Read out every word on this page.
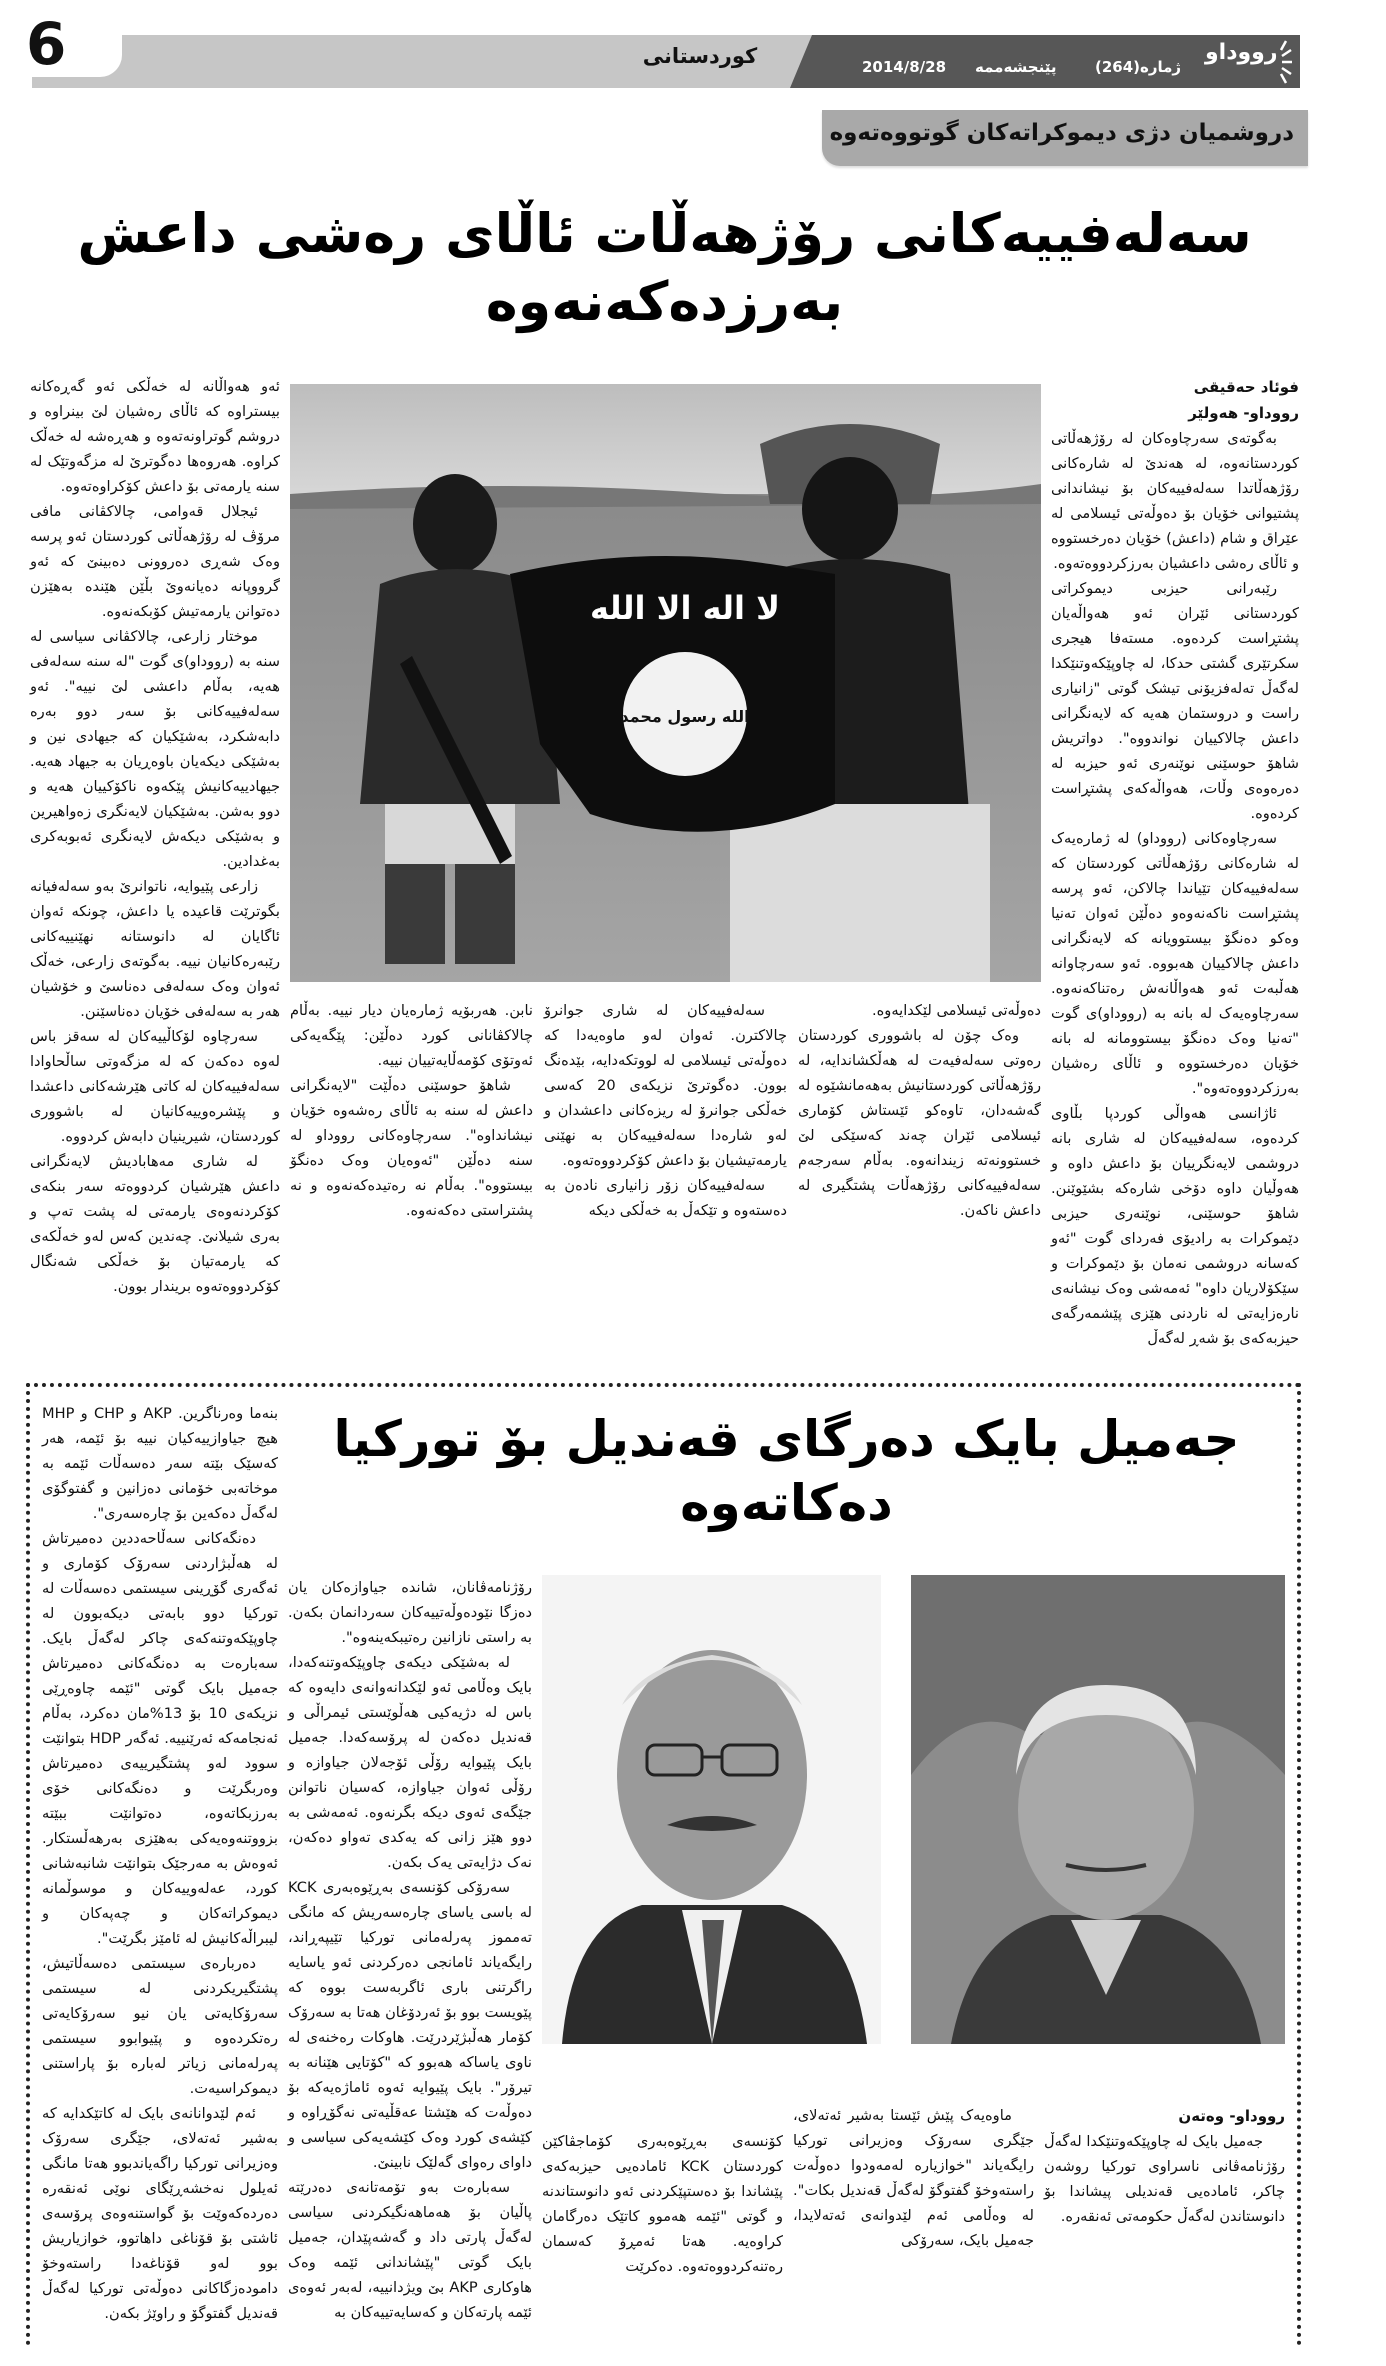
6	کوردستانی	2014/8/28 پێنجشەممە	ژمارە(264)
رووداو
دروشمیان دژی دیموکراتەکان گوتووەتەوە
سەلەفییەکانی رۆژهەڵات ئاڵای رەشی داعش بەرزدەکەنەوە
فوئاد حەقیقی
رووداو- هەولێر

بەگوتەی سەرچاوەکان لە رۆژهەڵاتی کوردستانەوە، لە هەندێ لە شارەکانی رۆژهەڵاتدا سەلەفییەکان بۆ نیشاندانی پشتیوانی خۆیان بۆ دەوڵەتی ئیسلامی لە عێراق و شام (داعش) خۆیان دەرخستووە و ئاڵای رەشی داعشیان بەرزکردووەتەوە.

رێبەرانی حیزبی دیموکراتی کوردستانی ئێران ئەو هەواڵەیان پشتڕاست کردەوە. مستەفا هیجری سکرتێری گشتی حدکا، لە چاوپێکەوتنێکدا لەگەڵ تەلەفزیۆنی تیشک گوتی "زانیاری راست و دروستمان هەیە کە لایەنگرانی داعش چالاکییان نواندووە". دواتریش شاهۆ حوسێنی نوێنەری ئەو حیزبە لە دەرەوەی وڵات، هەواڵەکەی پشتڕاست کردەوە.

سەرچاوەکانی (رووداو) لە ژمارەیەک لە شارەکانی رۆژهەڵاتی کوردستان کە سەلەفییەکان تێیاندا چالاکن، ئەو پرسە پشتڕاست ناکەنەوەو دەڵێن ئەوان تەنیا وەکو دەنگۆ بیستوویانە کە لایەنگرانی داعش چالاکییان هەبووە. ئەو سەرچاوانە هەڵبەت ئەو هەواڵانەش رەتناکەنەوە. سەرچاوەیەک لە بانە بە (رووداو)ی گوت "تەنیا وەک دەنگۆ بیستوومانە لە بانە خۆیان دەرخستووە و ئاڵای رەشیان بەرزکردووەتەوە".

ئاژانسی هەواڵی کوردپا بڵاوی کردەوە، سەلەفییەکان لە شاری بانە دروشمی لایەنگرییان بۆ داعش داوە و هەوڵیان داوە دۆخی شارەکە بشێوێنن. شاهۆ حوسێنی، نوێنەری حیزبی دێموکرات بە رادیۆی فەردای گوت "ئەو کەسانە دروشمی نەمان بۆ دێموکرات و سێکۆلاریان داوە" ئەمەشی وەک نیشانەی نارەزایەتی لە ناردنی هێزی پێشمەرگەی حیزبەکەی بۆ شەڕ لەگەڵ

لا اله الا الله
الله رسول محمد

دەوڵەتی ئیسلامی لێکدایەوە.

وەک چۆن لە باشووری کوردستان رەوتی سەلەفیەت لە هەڵکشاندایە، لە رۆژهەڵاتی کوردستانیش بەهەمانشێوە لە گەشەدان، تاوەکو ئێستاش کۆماری ئیسلامی ئێران چەند کەسێکی لێ خستوونەتە زیندانەوە. بەڵام سەرجەم سەلەفییەکانی رۆژهەڵات پشتگیری لە داعش ناکەن.

سەلەفییەکان لە شاری جوانرۆ چالاکترن. ئەوان لەو ماوەیەدا کە دەوڵەتی ئیسلامی لە لووتکەدایە، بێدەنگ بوون. دەگوترێ نزیکەی 20 کەسی خەڵکی جوانرۆ لە ریزەکانی داعشدان و لەو شارەدا سەلەفییەکان بە نهێنی یارمەتیشیان بۆ داعش کۆکردووەتەوە.

سەلەفییەکان زۆر زانیاری نادەن بە دەستەوە و تێکەڵ بە خەڵکی دیکە

نابن. هەربۆیە ژمارەیان دیار نییە. بەڵام چالاکڤانانی کورد دەڵێن: پێگەیەکی ئەوتۆی کۆمەڵایەتییان نییە.

شاهۆ حوسێنی دەڵێت "لایەنگرانی داعش لە سنە بە ئاڵای رەشەوە خۆیان نیشانداوە". سەرچاوەکانی رووداو لە سنە دەڵێن "ئەوەیان وەک دەنگۆ بیستووە". بەڵام نە رەتیدەکەنەوە و نە پشتراستی دەکەنەوە.

ئەو هەواڵانە لە خەڵکی ئەو گەڕەکانە بیستراوە کە ئاڵای رەشیان لێ بینراوە و دروشم گوتراونەتەوە و هەڕەشە لە خەڵک کراوە. هەروەها دەگوترێ لە مزگەوتێک لە سنە یارمەتی بۆ داعش کۆکراوەتەوە.

ئیجلال قەوامی، چالاکڤانی مافی مرۆڤ لە رۆژهەڵاتی کوردستان ئەو پرسە وەک شەڕی دەروونی دەبینێ کە ئەو گرووپانە دەیانەوێ بڵێن هێندە بەهێزن دەتوانن یارمەتیش کۆبکەنەوە.

موختار زارعی، چالاکڤانی سیاسی لە سنە بە (رووداو)ی گوت "لە سنە سەلەفی هەیە، بەڵام داعشی لێ نییە". ئەو سەلەفییەکانی بۆ سەر دوو بەرە دابەشکرد، بەشێکیان کە جیهادی نین و بەشێکی دیکەیان باوەڕیان بە جیهاد هەیە. جیهادییەکانیش پێکەوە ناکۆکییان هەیە و دوو بەشن. بەشێکیان لایەنگری زەواهیرین و بەشێکی دیکەش لایەنگری ئەبوبەکری بەغدادین.

زارعی پێیوایە، ناتوانرێ بەو سەلەفیانە بگوترێت قاعیدە یا داعش، چونکە ئەوان ئاگایان لە دانوستانە نهێنییەکانی رێبەرەکانیان نییە. بەگوتەی زارعی، خەڵک ئەوان وەک سەلەفی دەناسێ و خۆشیان هەر بە سەلەفی خۆیان دەناسێنن.

سەرچاوە لۆکاڵییەکان لە سەقز باس لەوە دەکەن کە لە مزگەوتی ساڵحاوادا سەلەفییەکان لە کاتی هێرشەکانی داعشدا و پێشرەوییەکانیان لە باشووری کوردستان، شیرینیان دابەش کردووە.

لە شاری مەهابادیش لایەنگرانی داعش هێرشیان کردووەتە سەر بنکەی کۆکردنەوەی یارمەتی لە پشت تەپ و بەری شیلانێ. چەندین کەس لەو خەڵکەی کە یارمەتیان بۆ خەڵکی شەنگال کۆکردووەتەوە بریندار بوون.

جەمیل بایک دەرگای قەندیل بۆ تورکیا دەکاتەوە

بنەما وەرناگرین. AKP و CHP و MHP هیچ جیاوازییەکیان نییە بۆ ئێمە، هەر کەسێک بێتە سەر دەسەڵات ئێمە بە موخاتەبی خۆمانی دەزانین و گفتوگۆی لەگەڵ دەکەین بۆ چارەسەری".

دەنگەکانی سەڵاحەددین دەمیرتاش لە هەڵبژاردنی سەرۆک کۆماری و ئەگەری گۆڕینی سیستمی دەسەڵات لە تورکیا دوو بابەتی دیکەبوون لە چاوپێکەوتنەکەی چاکر لەگەڵ بایک. سەبارەت بە دەنگەکانی دەمیرتاش جەمیل بایک گوتی "ئێمە چاوەڕێی نزیکەی 10 بۆ 13%مان دەکرد، بەڵام ئەنجامەکە ئەرێنییە. ئەگەر HDP بتوانێت سوود لەو پشتگیرییەی دەمیرتاش وەربگرێت و دەنگەکانی خۆی بەرزبکاتەوە، دەتوانێت ببێتە بزووتنەوەیەکی بەهێزی بەرهەڵستکار. ئەوەش بە مەرجێک بتوانێت شانبەشانی کورد، عەلەوییەکان و موسوڵمانە دیموکراتەکان و چەپەکان و لیبراڵەکانیش لە ئامێز بگرێت".

دەربارەی سیستمی دەسەڵاتیش، پشتگیریکردنی لە سیستمی سەرۆکایەتی یان نیو سەرۆکایەتی رەتکردەوە و پێیوابوو سیستمی پەرلەمانی زیاتر لەبارە بۆ پاراستنی دیموکراسیەت.

ئەم لێدوانانەی بایک لە کاتێکدایە کە بەشیر ئەتەلای، جێگری سەرۆک وەزیرانی تورکیا راگەیاندبوو هەتا مانگی ئەیلول نەخشەڕێگای نوێی ئەنقەرە دەردەکەوێت بۆ گواستنەوەی پرۆسەی ئاشتی بۆ قۆناغی داهاتوو، خوازیاریش بوو لەو قۆناغەدا راستەوخۆ دامودەزگاکانی دەوڵەتی تورکیا لەگەڵ قەندیل گفتوگۆ و راوێژ بکەن.

رۆژنامەڤانان، شاندە جیاوازەکان یان دەزگا نێودەوڵەتییەکان سەردانمان بکەن. بە راستی نازانین رەتیبکەینەوە".

لە بەشێکی دیکەی چاوپێکەوتنەکەدا، بایک وەڵامی ئەو لێکدانەوانەی دایەوە کە باس لە دژیەکیی هەڵوێستی ئیمراڵی و قەندیل دەکەن لە پرۆسەکەدا. جەمیل بایک پێیوایە رۆڵی ئۆجەلان جیاوازە و رۆڵی ئەوان جیاوازە، کەسیان ناتوانن جێگەی ئەوی دیکە بگرنەوە. ئەمەشی بە دوو هێز زانی کە یەکدی تەواو دەکەن، نەک دژایەتی یەک بکەن.

سەرۆکی کۆنسەی بەڕێوەبەری KCK لە باسی یاسای چارەسەریش کە مانگی تەمموز پەرلەمانی تورکیا تێیپەڕاند، رایگەیاند ئامانجی دەرکردنی ئەو یاسایە راگرتنی باری ئاگربەست بووە کە پێویست بوو بۆ ئەردۆغان هەتا بە سەرۆک کۆمار هەڵبژێردرێت. هاوکات رەخنەی لە ناوی یاساکە هەبوو کە "کۆتایی هێنانە بە تیرۆر". بایک پێیوایە ئەوە ئاماژەیەکە بۆ دەوڵەت کە هێشتا عەقڵیەتی نەگۆڕاوە و کێشەی کورد وەک کێشەیەکی سیاسی و داوای رەوای گەلێک نابینێ.

سەبارەت بەو تۆمەتانەی دەدرێتە پاڵیان بۆ هەماهەنگیکردنی سیاسی لەگەڵ پارتی داد و گەشەپێدان، جەمیل بایک گوتی "پێشاندانی ئێمە وەک هاوکاری AKP بێ ویژدانییە، لەبەر ئەوەی ئێمە پارتەکان و کەسایەتییەکان بە

رووداو- وەتەن

جەمیل بایک لە چاوپێکەوتنێکدا لەگەڵ رۆژنامەڤانی ناسراوی تورکیا روشەن چاکر، ئامادەیی قەندیلی پیشاندا بۆ دانوستاندن لەگەڵ حکومەتی ئەنقەرە.

ماوەیەک پێش ئێستا بەشیر ئەتەلای، جێگری سەرۆک وەزیرانی تورکیا رایگەیاند "خوازیارە لەمەودوا دەوڵەت راستەوخۆ گفتوگۆ لەگەڵ قەندیل بکات". لە وەڵامی ئەم لێدوانەی ئەتەلایدا، جەمیل بایک، سەرۆکی

کۆنسەی بەڕێوەبەری کۆماجڤاکێن کوردستان KCK ئامادەیی حیزبەکەی پێشاندا بۆ دەستپێکردنی ئەو دانوستاندنە و گوتی "ئێمە هەموو کاتێک دەرگامان کراوەیە. هەتا ئەمڕۆ کەسمان رەتنەکردووەتەوە. دەکرێت
